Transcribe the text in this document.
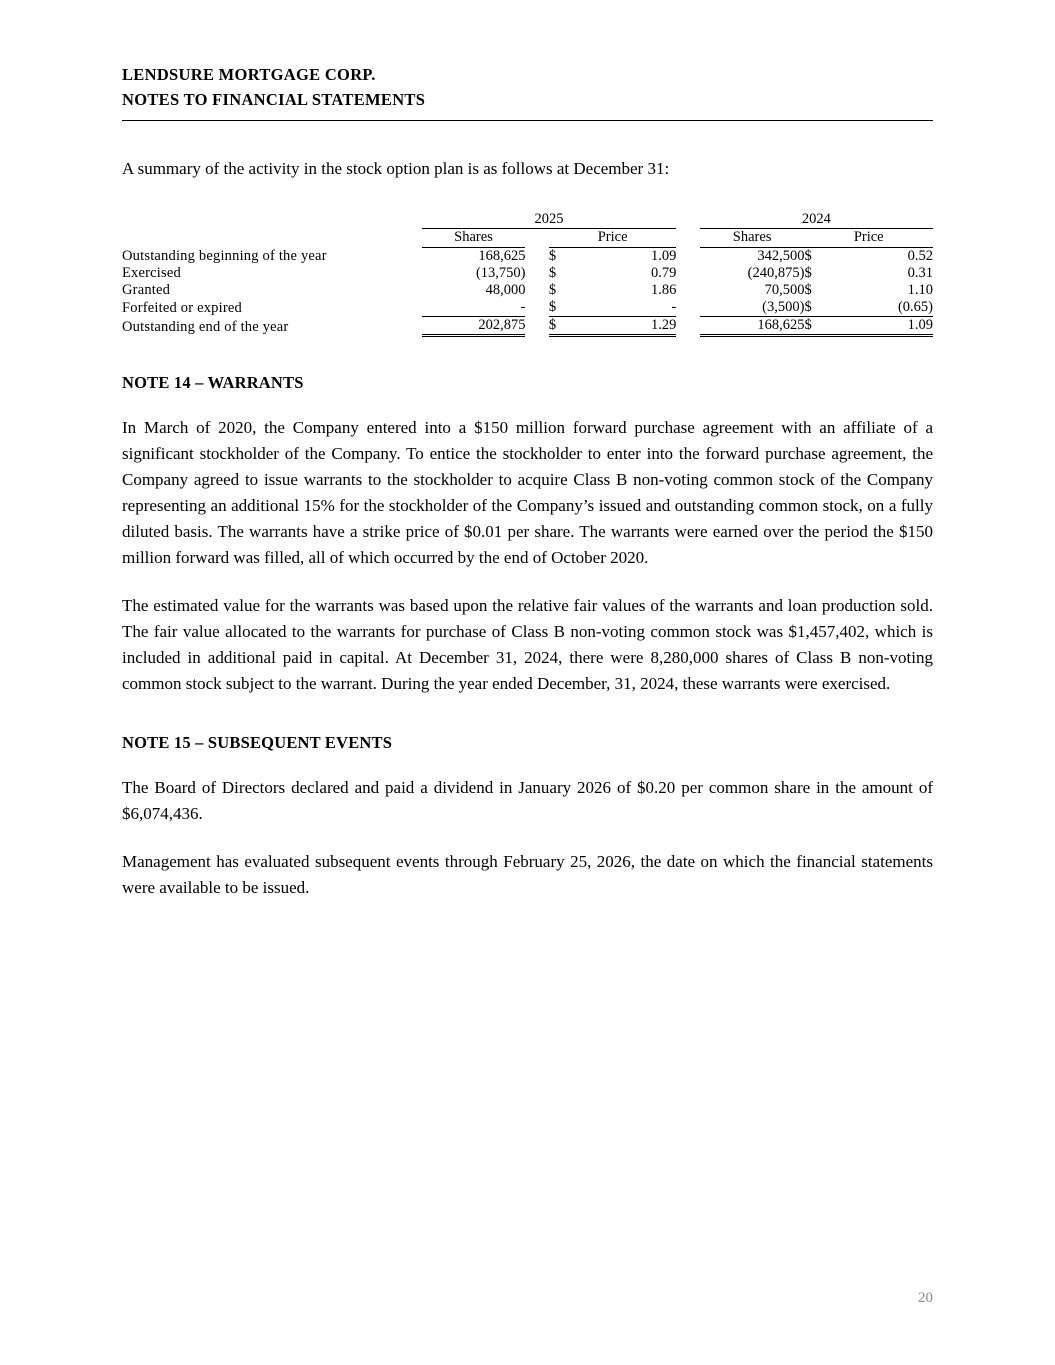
LENDSURE MORTGAGE CORP.
NOTES TO FINANCIAL STATEMENTS
A summary of the activity in the stock option plan is as follows at December 31:
	2025					2024		
	Shares		Price			Shares	Price	

Outstanding beginning of the year	168,625		$	1.09		342,500	$	0.52
Exercised	(13,750)		$	0.79		(240,875)	$	0.31
Granted	48,000		$	1.86		70,500	$	1.10
Forfeited or expired	-		$	-		(3,500)	$	(0.65)
Outstanding end of the year	202,875		$	1.29		168,625	$	1.09
NOTE 14 – WARRANTS

In March of 2020, the Company entered into a $150 million forward purchase agreement with an affiliate of a significant stockholder of the Company. To entice the stockholder to enter into the forward purchase agreement, the Company agreed to issue warrants to the stockholder to acquire Class B non-voting common stock of the Company representing an additional 15% for the stockholder of the Company’s issued and outstanding common stock, on a fully diluted basis. The warrants have a strike price of $0.01 per share. The warrants were earned over the period the $150 million forward was filled, all of which occurred by the end of October 2020.

The estimated value for the warrants was based upon the relative fair values of the warrants and loan production sold. The fair value allocated to the warrants for purchase of Class B non-voting common stock was $1,457,402, which is included in additional paid in capital. At December 31, 2024, there were 8,280,000 shares of Class B non-voting common stock subject to the warrant. During the year ended December, 31, 2024, these warrants were exercised.

NOTE 15 – SUBSEQUENT EVENTS

The Board of Directors declared and paid a dividend in January 2026 of $0.20 per common share in the amount of $6,074,436.

Management has evaluated subsequent events through February 25, 2026, the date on which the financial statements were available to be issued.

20
